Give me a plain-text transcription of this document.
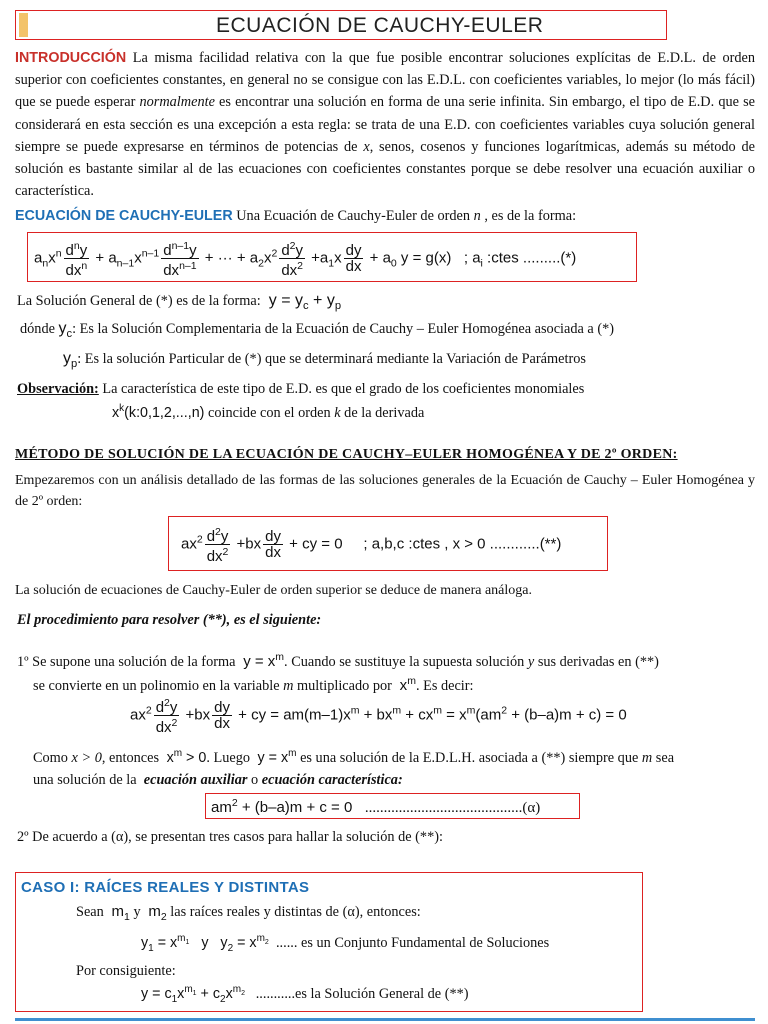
ECUACIÓN DE CAUCHY-EULER
INTRODUCCIÓN La misma facilidad relativa con la que fue posible encontrar soluciones explícitas de E.D.L. de orden superior con coeficientes constantes, en general no se consigue con las E.D.L. con coeficientes variables, lo mejor (lo más fácil) que se puede esperar normalmente es encontrar una solución en forma de una serie infinita. Sin embargo, el tipo de E.D. que se considerará en esta sección es una excepción a esta regla: se trata de una E.D. con coeficientes variables cuya solución general siempre se puede expresarse en términos de potencias de x, senos, cosenos y funciones logarítmicas, además su método de solución es bastante similar al de las ecuaciones con coeficientes constantes porque se debe resolver una ecuación auxiliar o característica.
ECUACIÓN DE CAUCHY-EULER Una Ecuación de Cauchy-Euler de orden n , es de la forma:
$a_nx^n \frac{d^ny}{dx^n} + a_{n-1}x^{n-1} \frac{d^{n-1}y}{dx^{n-1}}$ + ··· + $a_2x^2 \frac{d^2y}{dx^2} +a_1x \frac{dy}{dx} + a_0$ y = g(x)   ; $a_i$ :ctes .........(*)
La Solución General de (*) es de la forma:  $y = y_c + y_p$
dónde $y_c$: Es la Solución Complementaria de la Ecuación de Cauchy – Euler Homogénea asociada a (*)
$y_p$: Es la solución Particular de (*) que se determinará mediante la Variación de Parámetros
Observación: La característica de este tipo de E.D. es que el grado de los coeficientes monomiales
$x^k(k:0,1,2,...,n)$ coincide con el orden k de la derivada
MÉTODO DE SOLUCIÓN DE LA ECUACIÓN DE CAUCHY–EULER HOMOGÉNEA Y DE 2º ORDEN:
Empezaremos con un análisis detallado de las formas de las soluciones generales de la Ecuación de Cauchy – Euler Homogénea y de 2º orden:
$ax^2 \frac{d^2y}{dx^2} +bx \frac{dy}{dx}$ + cy = 0     ; a,b,c :ctes , x > 0 ............(**)
La solución de ecuaciones de Cauchy-Euler de orden superior se deduce de manera análoga.
El procedimiento para resolver (**), es el siguiente:
1º Se supone una solución de la forma  $y = x^m$. Cuando se sustituye la supuesta solución y sus derivadas en (**)
se convierte en un polinomio en la variable m multiplicado por  $x^m$. Es decir:
$ax^2 \frac{d^2y}{dx^2} +bx \frac{dy}{dx}$ + cy = $am(m-1)x^m + bx^m + cx^m = x^m(am^2 + (b-a)m + c) = 0$
Como x > 0, entonces  $x^m > 0$. Luego  $y = x^m$ es una solución de la E.D.L.H. asociada a (**) siempre que m sea
una solución de la ecuación auxiliar o ecuación característica:
$am^2 + (b-a)m + c = 0$   ..........................................(α)
2º De acuerdo a (α), se presentan tres casos para hallar la solución de (**):
CASO I: RAÍCES REALES Y DISTINTAS
Sean  $m_1$ y  $m_2$ las raíces reales y distintas de (α), entonces:
$y_1 = x^{m_1}$   y   $y_2 = x^{m_2}$ ...... es un Conjunto Fundamental de Soluciones
Por consiguiente:
$y = c_1x^{m_1} + c_2x^{m_2}$ ...........es la Solución General de (**)
